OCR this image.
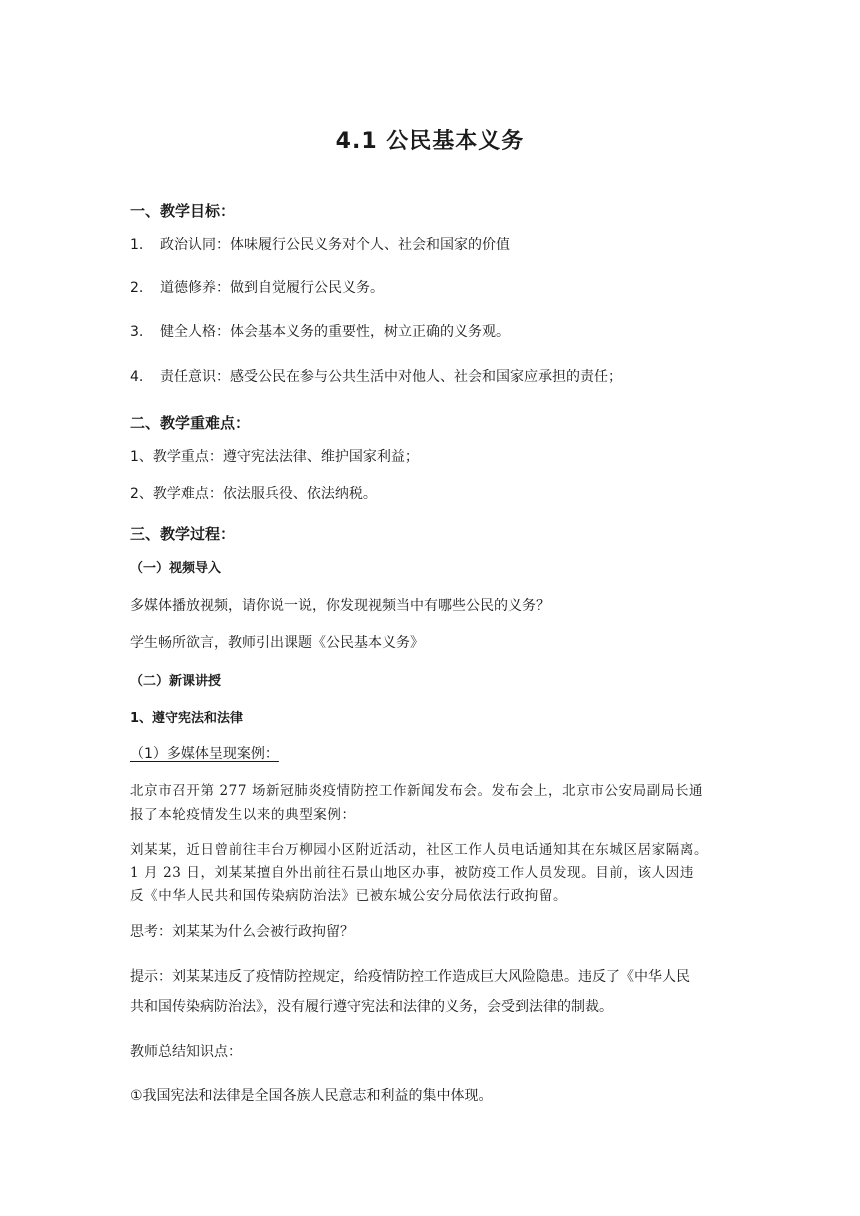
4.1 公民基本义务
一、教学目标：
1. 政治认同：体味履行公民义务对个人、社会和国家的价值
2. 道德修养：做到自觉履行公民义务。
3. 健全人格：体会基本义务的重要性，树立正确的义务观。
4. 责任意识：感受公民在参与公共生活中对他人、社会和国家应承担的责任；
二、教学重难点：
1、教学重点：遵守宪法法律、维护国家利益；
2、教学难点：依法服兵役、依法纳税。
三、教学过程：
（一）视频导入
多媒体播放视频，请你说一说，你发现视频当中有哪些公民的义务？
学生畅所欲言，教师引出课题《公民基本义务》
（二）新课讲授
1、遵守宪法和法律
（1）多媒体呈现案例：
北京市召开第 277 场新冠肺炎疫情防控工作新闻发布会。发布会上，北京市公安局副局长通
报了本轮疫情发生以来的典型案例：
刘某某，近日曾前往丰台万柳园小区附近活动，社区工作人员电话通知其在东城区居家隔离。
1 月 23 日，刘某某擅自外出前往石景山地区办事，被防疫工作人员发现。目前，该人因违
反《中华人民共和国传染病防治法》已被东城公安分局依法行政拘留。
思考：刘某某为什么会被行政拘留？
提示：刘某某违反了疫情防控规定，给疫情防控工作造成巨大风险隐患。违反了《中华人民
共和国传染病防治法》，没有履行遵守宪法和法律的义务，会受到法律的制裁。
教师总结知识点：
①我国宪法和法律是全国各族人民意志和利益的集中体现。
